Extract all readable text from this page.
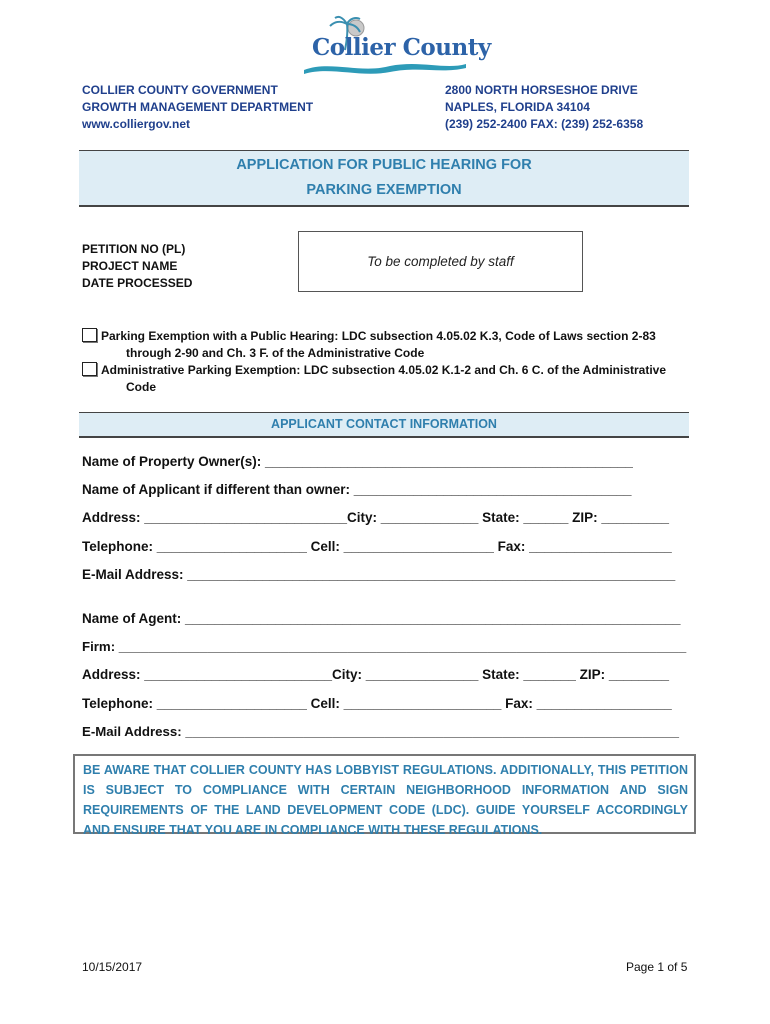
Collier County
COLLIER COUNTY GOVERNMENT
GROWTH MANAGEMENT DEPARTMENT
www.colliergov.net
2800 NORTH HORSESHOE DRIVE
NAPLES, FLORIDA 34104
(239) 252-2400 FAX: (239) 252-6358
APPLICATION FOR PUBLIC HEARING FOR
PARKING EXEMPTION
PETITION NO (PL)
PROJECT NAME
DATE PROCESSED
To be completed by staff
Parking Exemption with a Public Hearing: LDC subsection 4.05.02 K.3, Code of Laws section 2-83
through 2-90 and Ch. 3 F. of the Administrative Code
Administrative Parking Exemption: LDC subsection 4.05.02 K.1-2 and Ch. 6 C. of the Administrative
Code
APPLICANT CONTACT INFORMATION
Name of Property Owner(s): _________________________________________________
Name of Applicant if different than owner: _____________________________________
Address: ___________________________City: _____________ State: ______ ZIP: _________
Telephone: ____________________ Cell: ____________________ Fax: ___________________
E-Mail Address: _________________________________________________________________
Name of Agent: __________________________________________________________________
Firm: _____________________________________________________________________________
Address: _________________________City: _______________ State: _______ ZIP: ________
Telephone: ____________________ Cell: _____________________ Fax: __________________
E-Mail Address: ___________________________________________________________________
BE AWARE THAT COLLIER COUNTY HAS LOBBYIST REGULATIONS. ADDITIONALLY, THIS PETITION IS SUBJECT TO COMPLIANCE WITH CERTAIN NEIGHBORHOOD INFORMATION AND SIGN REQUIREMENTS OF THE LAND DEVELOPMENT CODE (LDC). GUIDE YOURSELF ACCORDINGLY AND ENSURE THAT YOU ARE IN COMPLIANCE WITH THESE REGULATIONS.
10/15/2017	Page 1 of 5
